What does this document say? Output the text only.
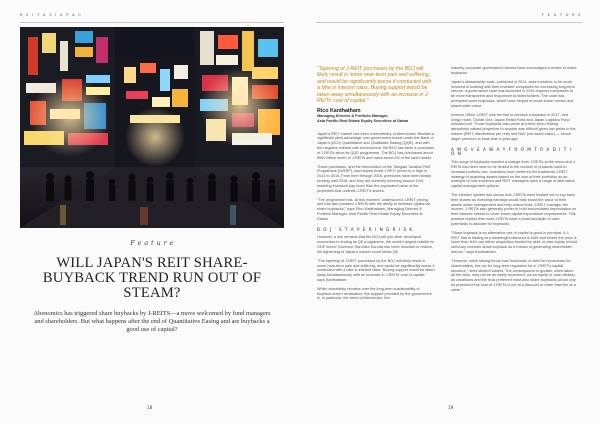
R E I T A S I A P A C	F E A T U R E
F e a t u r e
WILL JAPAN'S REIT SHARE-BUYBACK TREND RUN OUT OF STEAM?

Abenomics has triggered share buybacks by J-REITS—a move welcomed by fund managers and shareholders. But what happens after the end of Quantitative Easing and are buybacks a good use of capital?

18

"Tapering of J-REIT purchases by the BOJ will likely result in some near-term pain and suffering, and would be significantly worse if conducted with a hike in interest rates. Buying support would be taken away simultaneously with an increase in J-REITs' cost of capital."

Rico Kanthatham

Managing Director & Portfolio Manager,
Asia Pacific Real Estate Equity Securities at Daiwa

Japan's REIT market has been a beneficiary of Abenomics. Besides a significant yield advantage over government bonds under the Bank of Japan's (BOJ) Quantitative and Qualitative Easing (QQE), and with the negative interest rate environment, the BOJ has been a purchaser of J-REITs since its QQE programme. The BOJ has purchased about ¥660 billion worth of J-REITs and owns about 4% of the total market.

These purchases, and the introduction of the Tanigaki Taxation Reit Programme (NISRP), had helped boost J-REIT prices to a high in 2014 to 2015. From then through 2016, premiums have been slowly eroding until 2018, and they are currently hovering around 10%, meaning investors pay more than the equivalent value of the properties that underlie J-REIT's shares.

"The programme has, at this moment, underscored J-REIT pricing and has also prodded J-REITs with the ability to increase capital via share buybacks," says Rico Kanthatham, Managing Director & Portfolio Manager, Asia Pacific Real Estate Equity Securities at Daiwa.

B O J ' S T A P E R I N G R I S K

However, a risk remains that the BOJ will join other developed economies in ending its QE programme; the world's largest relative to GDP where Governor Haruhiko Kuroda has been reluctant to reduce, the tightening of Japan's market could follow QE.

"The tapering of J-REIT purchases by the BOJ will likely result in some near-term pain and suffering, and would be significantly worse if conducted with a hike in interest rates. Buying support would be taken away simultaneously with an increase in J-REITs' cost of capital," says Kanthatham.

While uncertainty remains over the long-term sustainability of buyback-driven revaluation, the support provided by the government is, in particular, the trend of Abenomics, the.

industry corporate governance reforms have encouraged a review of share buybacks.

Japan's stewardship code, published in 2014, asks investors to be more involved in working with their investee companies for increasing long-term returns. A governance code that launched in 2015 requires companies to be more transparent and responsive to shareholders. The code has prompted some buybacks, which have helped to boost share returns and shareholder value.

Invesco Office J-REIT was the first to conduct a buyback in 2017, and Ichigo Hotel, Global One, Japan Retail Fund and Japan Logistics Fund followed suit. Those buybacks also came at a time when finding attractively valued properties to acquire was difficult given low yields in the market (REIT distributions per unit) and NAV (net asset value) — hence larger premium to book than a year ago.

A M O V E A W A Y F R O M T R A D I T I O N

This surge of buybacks marked a change from J-REITs at the micro and J-REITs had been seen to be limited in the number of products used to increase portfolio size. Investors have preferred the traditional J-REIT strategy of acquiring assets based on the size of their portfolios as an example of how investors and REIT managers have a range of alternative capital management options.

The investor system has shown that J-REITs have treated not to buy back their shares as investing earnings would help boost the value of their assets under management and help reduce their J-REIT manager fee income. J-REITs also generally prefer to hold accumulated depreciation on their balance sheets to cover future capital expenditure requirements. This practice implies that most J-REITs have a small stockpile of cash potentially to allocate for buybacks.

"Share buyback is an alternative use of capital is good in principal. A J-REIT that is trading at a meaningful discount to NAV and where the price is lower than NAV can either acquisition funded by debt, or else equity should seriously consider share buyback as a means of generating shareholder returns," says Kanthatham.

"However, while raising funds from issue/sale of debt for repurchase for shareholders, the top for long-term regulation for a J-REIT's capital structure," sees diluted holders. The consequence is greater, when taken all the risks, may not be as easily recovered, via an equity or cash dilution, as conditions and the trust preferred must also share buybacks would only be practical if the cost of J-REITs is not at a discount or lower than the at a value."

19
